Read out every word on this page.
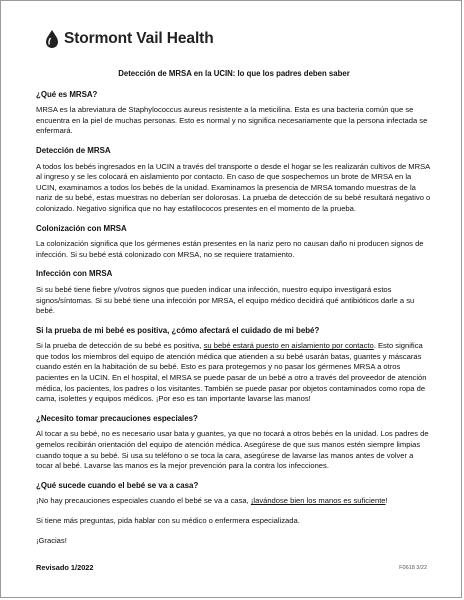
Stormont Vail Health
Detección de MRSA en la UCIN: lo que los padres deben saber
¿Qué es MRSA?

MRSA es la abreviatura de Staphylococcus aureus resistente a la meticilina. Esta es una bacteria común que se encuentra en la piel de muchas personas. Esto es normal y no significa necesariamente que la persona infectada se enfermará.

Detección de MRSA

A todos los bebés ingresados en la UCIN a través del transporte o desde el hogar se les realizarán cultivos de MRSA al ingreso y se les colocará en aislamiento por contacto. En caso de que sospechemos un brote de MRSA en la UCIN, examinamos a todos los bebés de la unidad. Examinamos la presencia de MRSA tomando muestras de la nariz de su bebé, estas muestras no deberían ser dolorosas. La prueba de detección de su bebé resultará negativo o colonizado. Negativo significa que no hay estafilococos presentes en el momento de la prueba.

Colonización con MRSA

La colonización significa que los gérmenes están presentes en la nariz pero no causan daño ni producen signos de infección. Si su bebé está colonizado con MRSA, no se requiere tratamiento.

Infección con MRSA

Si su bebé tiene fiebre y/votros signos que pueden indicar una infección, nuestro equipo investigará estos signos/síntomas. Si su bebé tiene una infección por MRSA, el equipo médico decidirá qué antibióticos darle a su bebé.

Si la prueba de mi bebé es positiva, ¿cómo afectará el cuidado de mi bebé?

Si la prueba de detección de su bebé es positiva, su bebé estará puesto en aislamiento por contacto. Esto significa que todos los miembros del equipo de atención médica que atienden a su bebé usarán batas, guantes y máscaras cuando estén en la habitación de su bebé. Esto es para protegernos y no pasar los gérmenes MRSA a otros pacientes en la UCIN. En el hospital, el MRSA se puede pasar de un bebé a otro a través del proveedor de atención médica, los pacientes, los padres o los visitantes. También se puede pasar por objetos contaminados como ropa de cama, isolettes y equipos médicos. ¡Por eso es tan importante lavarse las manos!

¿Necesito tomar precauciones especiales?

Al tocar a su bebé, no es necesario usar bata y guantes, ya que no tocará a otros bebés en la unidad. Los padres de gemelos recibirán orientación del equipo de atención médica. Asegúrese de que sus manos estén siempre limpias cuando toque a su bebé. Si usa su teléfono o se toca la cara, asegúrese de lavarse las manos antes de volver a tocar al bebé. Lavarse las manos es la mejor prevención para la contra los infecciones.

¿Qué sucede cuando el bebé se va a casa?

¡No hay precauciones especiales cuando el bebé se va a casa, ¡lavándose bien los manos es suficiente!

Si tiene más preguntas, pida hablar con su médico o enfermera especializada.

¡Gracias!

Revisado 1/2022	F0618 3/22
